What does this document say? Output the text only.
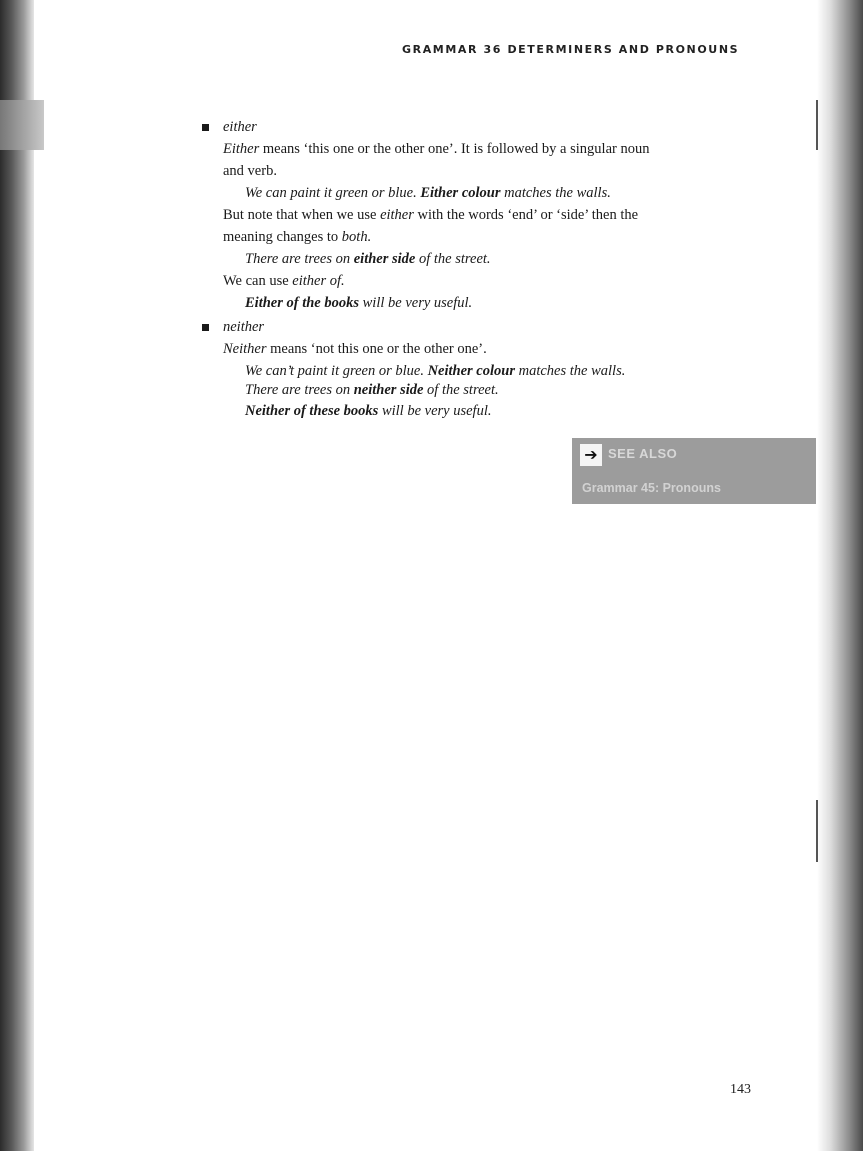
GRAMMAR 36 DETERMINERS AND PRONOUNS
either
Either means ‘this one or the other one’. It is followed by a singular noun
and verb.
We can paint it green or blue. Either colour matches the walls.
But note that when we use either with the words ‘end’ or ‘side’ then the
meaning changes to both.
There are trees on either side of the street.
We can use either of.
Either of the books will be very useful.
neither
Neither means ‘not this one or the other one’.
We can’t paint it green or blue. Neither colour matches the walls.
There are trees on neither side of the street.
Neither of these books will be very useful.
➔ SEE ALSO
Grammar 45: Pronouns
143
